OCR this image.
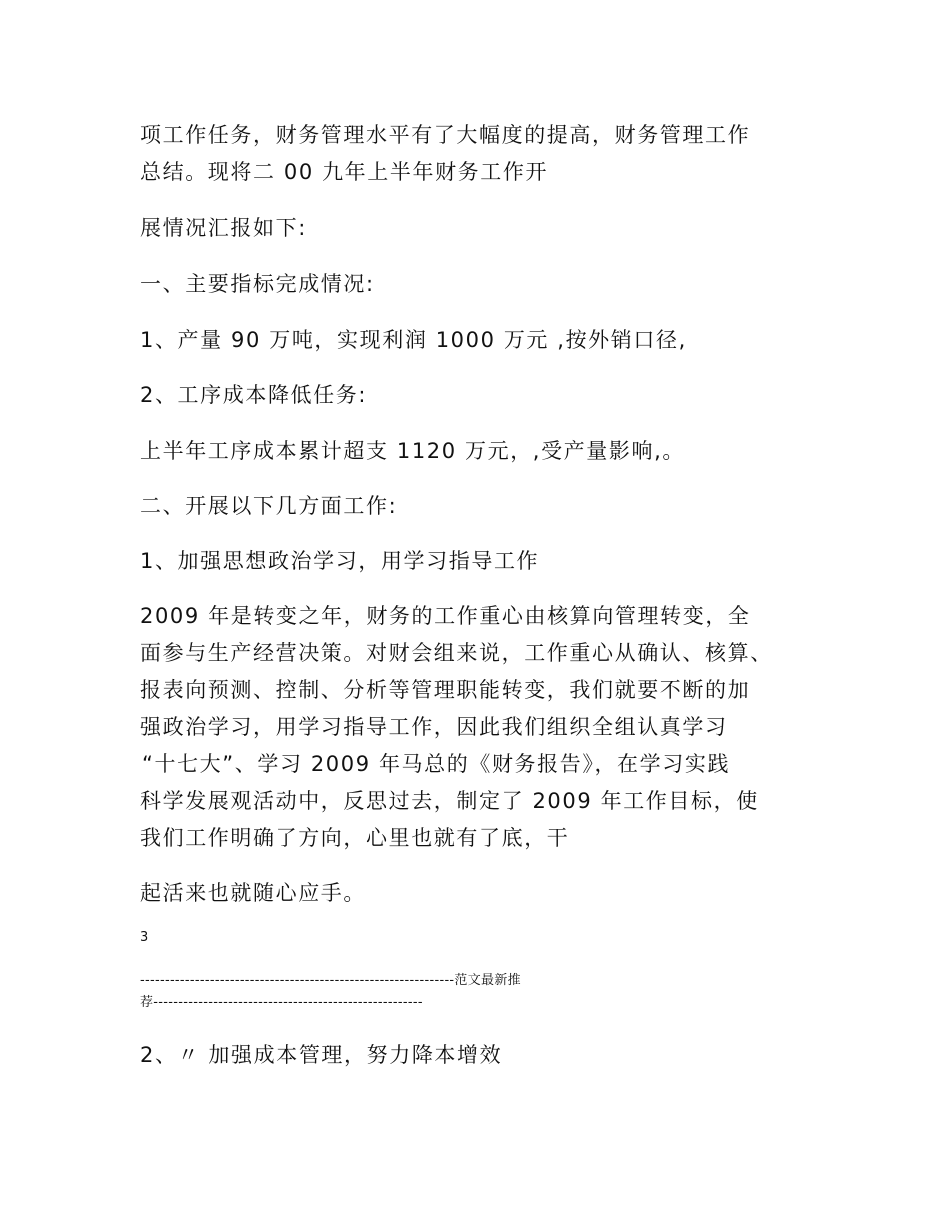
项工作任务，财务管理水平有了大幅度的提高，财务管理工作
总结。现将二 00 九年上半年财务工作开
展情况汇报如下:
一、主要指标完成情况:
1、产量 90 万吨，实现利润 1000 万元 ,按外销口径,
2、工序成本降低任务:
上半年工序成本累计超支 1120 万元，,受产量影响,。
二、开展以下几方面工作:
1、加强思想政治学习，用学习指导工作
2009 年是转变之年，财务的工作重心由核算向管理转变，全
面参与生产经营决策。对财会组来说，工作重心从确认、核算、
报表向预测、控制、分析等管理职能转变，我们就要不断的加
强政治学习，用学习指导工作，因此我们组织全组认真学习
“十七大”、学习 2009 年马总的《财务报告》，在学习实践
科学发展观活动中，反思过去，制定了 2009 年工作目标，使
我们工作明确了方向，心里也就有了底，干
起活来也就随心应手。
3
---------------------------------------------------------------范文最新推
荐------------------------------------------------------
2、〃 加强成本管理，努力降本增效
